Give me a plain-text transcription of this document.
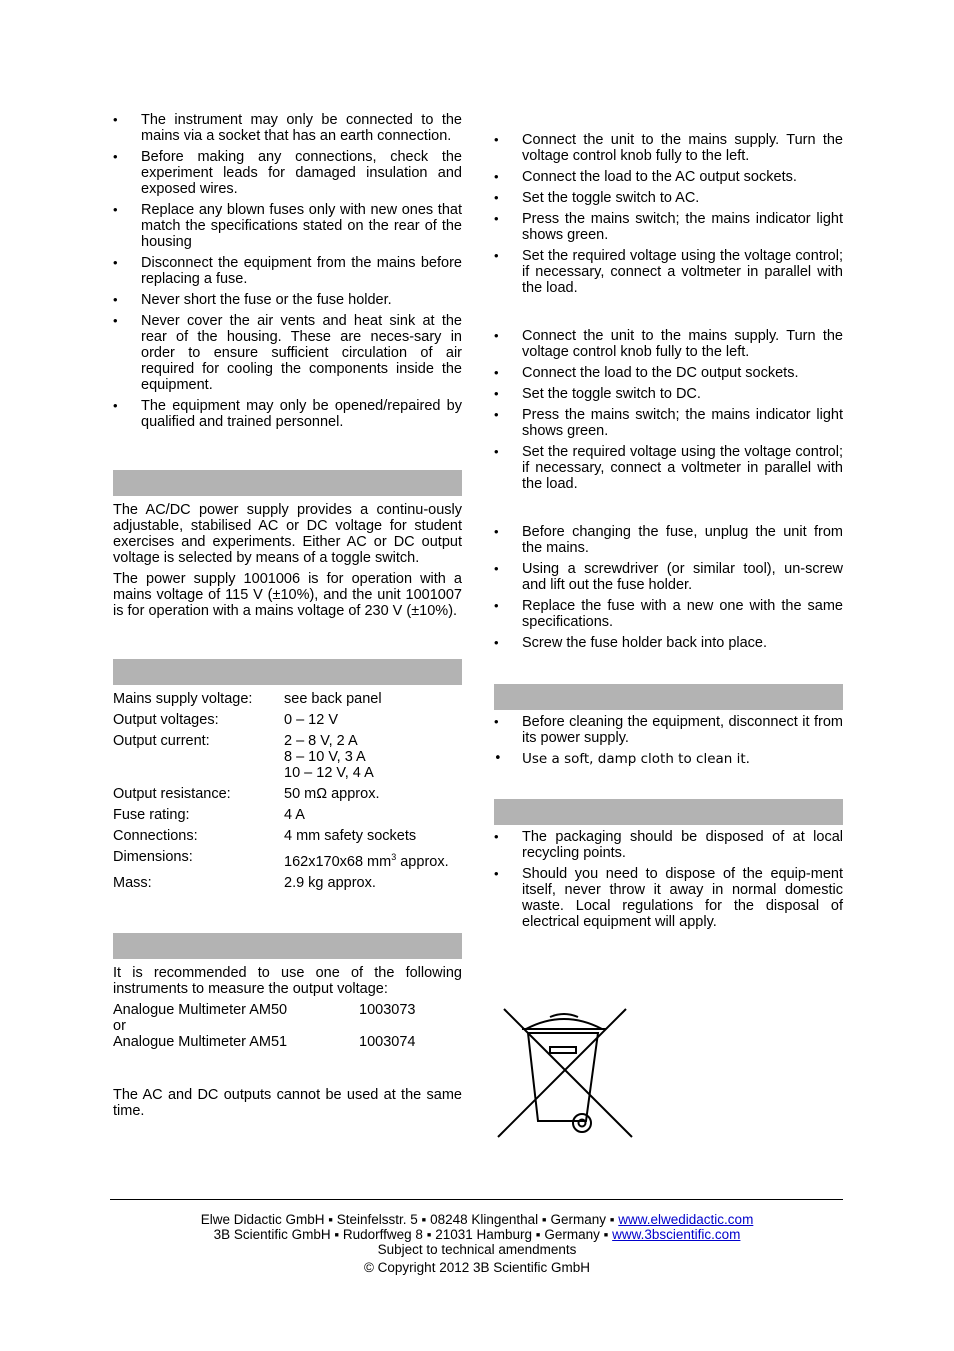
• The instrument may only be connected to the mains via a socket that has an earth connection.
• Before making any connections, check the experiment leads for damaged insulation and exposed wires.
• Replace any blown fuses only with new ones that match the specifications stated on the rear of the housing
• Disconnect the equipment from the mains before replacing a fuse.
• Never short the fuse or the fuse holder.
• Never cover the air vents and heat sink at the rear of the housing. These are neces-sary in order to ensure sufficient circulation of air required for cooling the components inside the equipment.
• The equipment may only be opened/repaired by qualified and trained personnel.

The AC/DC power supply provides a continu-ously adjustable, stabilised AC or DC voltage for student exercises and experiments. Either AC or DC output voltage is selected by means of a toggle switch.

The power supply 1001006 is for operation with a mains voltage of 115 V (±10%), and the unit 1001007 is for operation with a mains voltage of 230 V (±10%).

Mains supply voltage:	see back panel
Output voltages:	0 – 12 V
Output current:	2 – 8 V, 2 A
8 – 10 V, 3 A
10 – 12 V, 4 A

Output resistance:	50 mΩ approx.
Fuse rating:	4 A
Connections:	4 mm safety sockets
Dimensions:	162x170x68 $mm^3$ approx.
Mass:	2.9 kg approx.

It is recommended to use one of the following instruments to measure the output voltage:

Analogue Multimeter AM50	1003073
or
Analogue Multimeter AM51	1003074

The AC and DC outputs cannot be used at the same time.

• Connect the unit to the mains supply. Turn the voltage control knob fully to the left.
• Connect the load to the AC output sockets.
• Set the toggle switch to AC.
• Press the mains switch; the mains indicator light shows green.
• Set the required voltage using the voltage control; if necessary, connect a voltmeter in parallel with the load.
• Connect the unit to the mains supply. Turn the voltage control knob fully to the left.
• Connect the load to the DC output sockets.
• Set the toggle switch to DC.
• Press the mains switch; the mains indicator light shows green.
• Set the required voltage using the voltage control; if necessary, connect a voltmeter in parallel with the load.
• Before changing the fuse, unplug the unit from the mains.
• Using a screwdriver (or similar tool), un-screw and lift out the fuse holder.
• Replace the fuse with a new one with the same specifications.
• Screw the fuse holder back into place.
• Before cleaning the equipment, disconnect it from its power supply.
• Use a soft, damp cloth to clean it.
• The packaging should be disposed of at local recycling points.
• Should you need to dispose of the equip-ment itself, never throw it away in normal domestic waste. Local regulations for the disposal of electrical equipment will apply.
Elwe Didactic GmbH ▪ Steinfelsstr. 5 ▪ 08248 Klingenthal ▪ Germany ▪ www.elwedidactic.com
3B Scientific GmbH ▪ Rudorffweg 8 ▪ 21031 Hamburg ▪ Germany ▪ www.3bscientific.com
Subject to technical amendments
© Copyright 2012 3B Scientific GmbH
